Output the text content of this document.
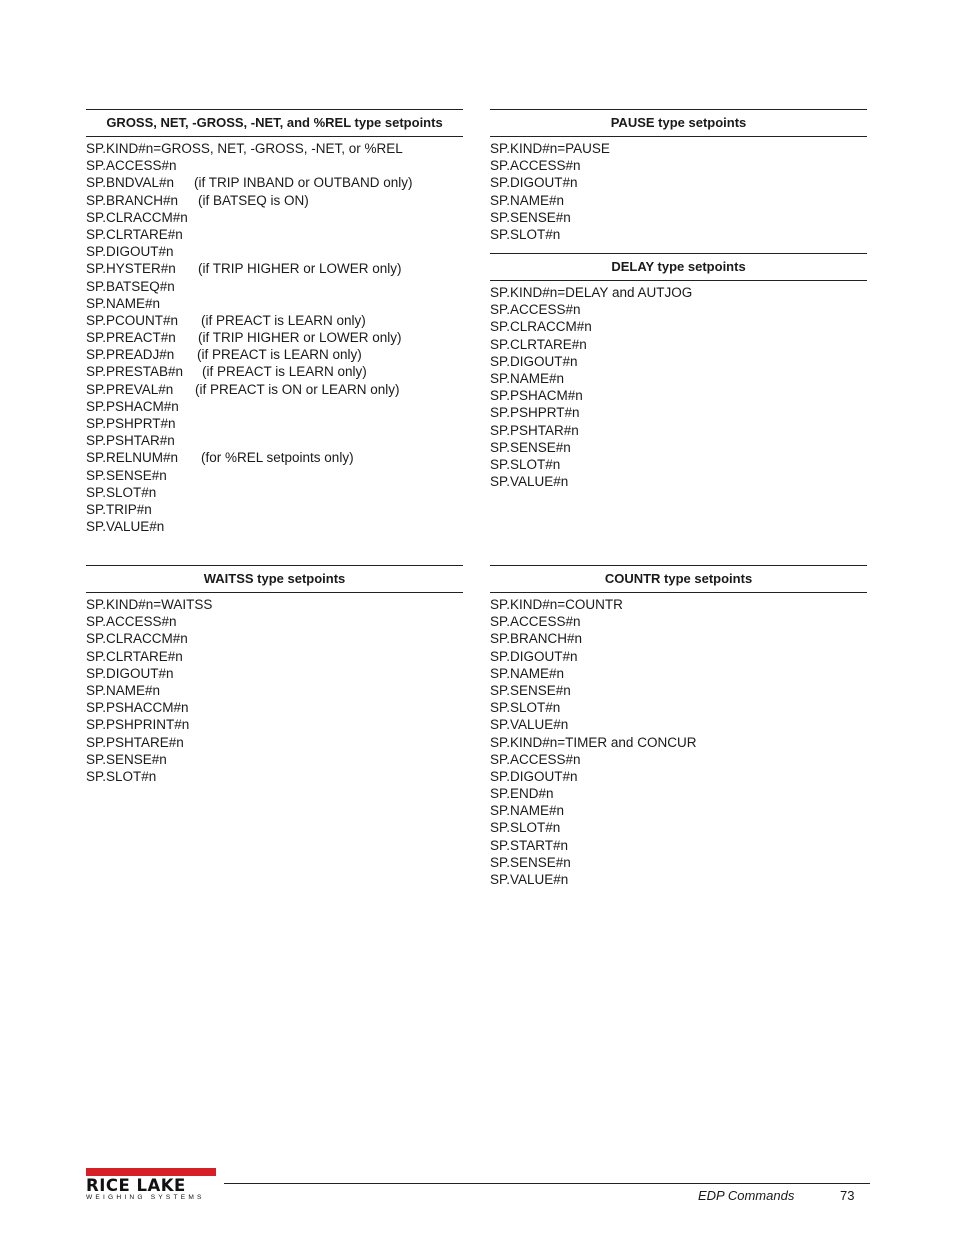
GROSS, NET, -GROSS, -NET, and %REL type setpoints
SP.KIND#n=GROSS, NET, -GROSS, -NET, or %REL
SP.ACCESS#n
SP.BNDVAL#n (if TRIP INBAND or OUTBAND only)
SP.BRANCH#n (if BATSEQ is ON)
SP.CLRACCM#n
SP.CLRTARE#n
SP.DIGOUT#n
SP.HYSTER#n (if TRIP HIGHER or LOWER only)
SP.BATSEQ#n
SP.NAME#n
SP.PCOUNT#n (if PREACT is LEARN only)
SP.PREACT#n (if TRIP HIGHER or LOWER only)
SP.PREADJ#n (if PREACT is LEARN only)
SP.PRESTAB#n (if PREACT is LEARN only)
SP.PREVAL#n (if PREACT is ON or LEARN only)
SP.PSHACM#n
SP.PSHPRT#n
SP.PSHTAR#n
SP.RELNUM#n (for %REL setpoints only)
SP.SENSE#n
SP.SLOT#n
SP.TRIP#n
SP.VALUE#n
PAUSE type setpoints
SP.KIND#n=PAUSE
SP.ACCESS#n
SP.DIGOUT#n
SP.NAME#n
SP.SENSE#n
SP.SLOT#n
DELAY type setpoints
SP.KIND#n=DELAY and AUTJOG
SP.ACCESS#n
SP.CLRACCM#n
SP.CLRTARE#n
SP.DIGOUT#n
SP.NAME#n
SP.PSHACM#n
SP.PSHPRT#n
SP.PSHTAR#n
SP.SENSE#n
SP.SLOT#n
SP.VALUE#n
WAITSS type setpoints
SP.KIND#n=WAITSS
SP.ACCESS#n
SP.CLRACCM#n
SP.CLRTARE#n
SP.DIGOUT#n
SP.NAME#n
SP.PSHACCM#n
SP.PSHPRINT#n
SP.PSHTARE#n
SP.SENSE#n
SP.SLOT#n
COUNTR type setpoints
SP.KIND#n=COUNTR
SP.ACCESS#n
SP.BRANCH#n
SP.DIGOUT#n
SP.NAME#n
SP.SENSE#n
SP.SLOT#n
SP.VALUE#n
SP.KIND#n=TIMER and CONCUR
SP.ACCESS#n
SP.DIGOUT#n
SP.END#n
SP.NAME#n
SP.SLOT#n
SP.START#n
SP.SENSE#n
SP.VALUE#n
RICE LAKE
WEIGHING SYSTEMS	EDP Commands	73
